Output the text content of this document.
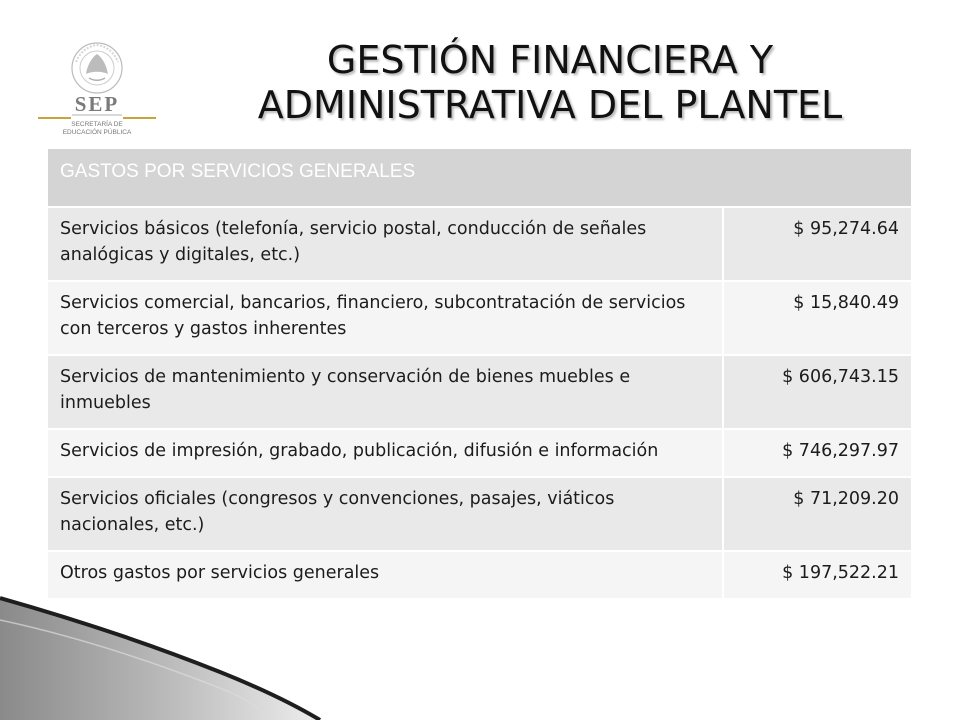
SEP
SECRETARÍA DE
EDUCACIÓN PÚBLICA
GESTIÓN FINANCIERA Y
ADMINISTRATIVA DEL PLANTEL
GASTOS POR SERVICIOS GENERALES	
Servicios básicos (telefonía, servicio postal, conducción de señales analógicas y digitales, etc.)	$ 95,274.64
Servicios comercial, bancarios, financiero, subcontratación de servicios con terceros y gastos inherentes	$ 15,840.49
Servicios de mantenimiento y conservación de bienes muebles e inmuebles	$ 606,743.15
Servicios de impresión, grabado, publicación, difusión e información	$ 746,297.97
Servicios oficiales (congresos y convenciones, pasajes, viáticos nacionales, etc.)	$ 71,209.20
Otros gastos por servicios generales	$ 197,522.21
